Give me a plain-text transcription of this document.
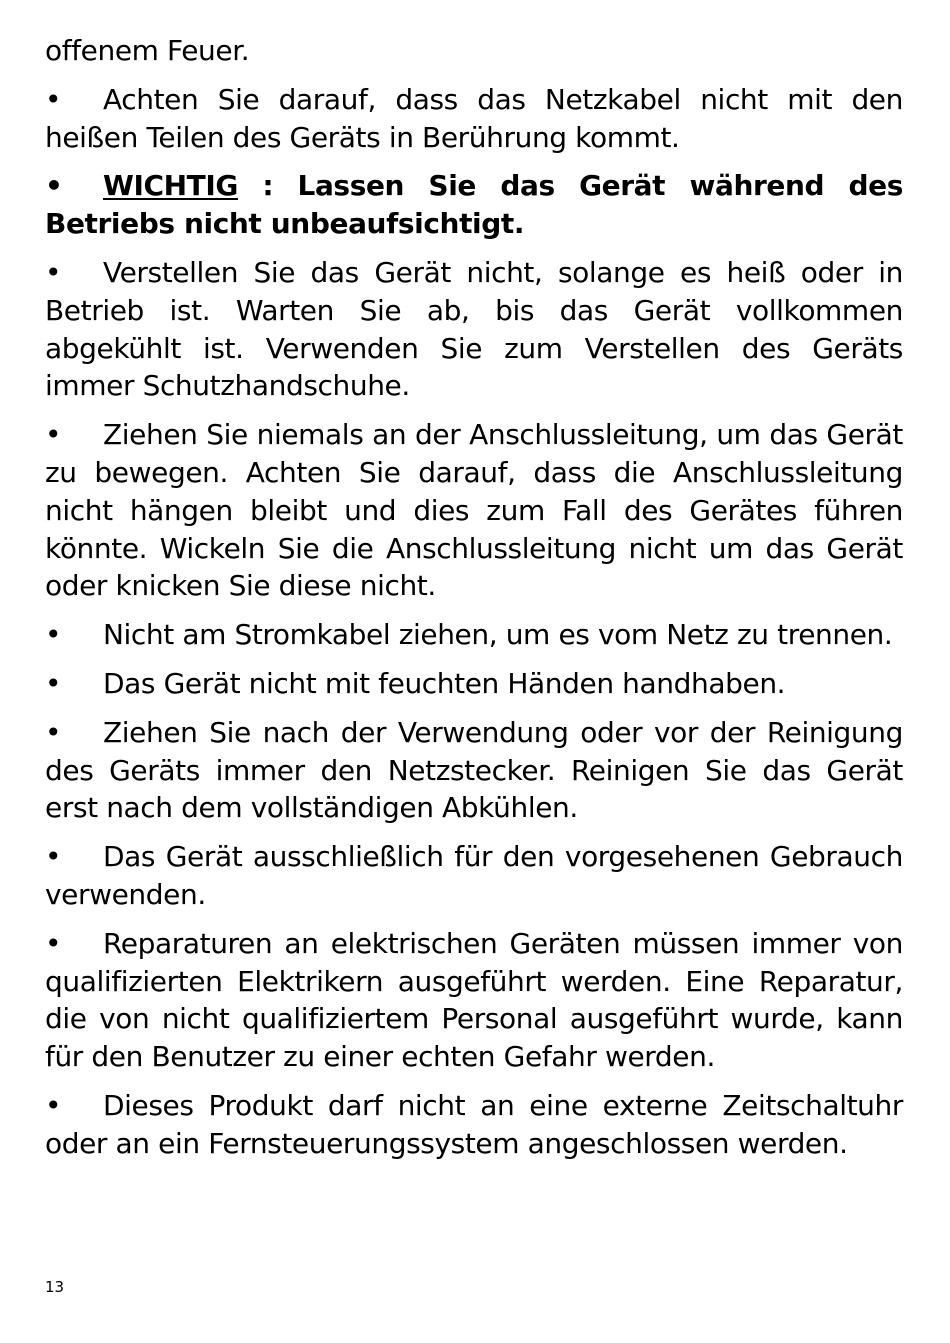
offenem Feuer.

• Achten Sie darauf, dass das Netzkabel nicht mit den heißen Teilen des Geräts in Berührung kommt.

• WICHTIG : Lassen Sie das Gerät während des Betriebs nicht unbeaufsichtigt.

• Verstellen Sie das Gerät nicht, solange es heiß oder in Betrieb ist. Warten Sie ab, bis das Gerät vollkommen abgekühlt ist. Verwenden Sie zum Verstellen des Geräts immer Schutzhandschuhe.

• Ziehen Sie niemals an der Anschlussleitung, um das Gerät zu bewegen. Achten Sie darauf, dass die Anschlussleitung nicht hängen bleibt und dies zum Fall des Gerätes führen könnte. Wickeln Sie die Anschlussleitung nicht um das Gerät oder knicken Sie diese nicht.

• Nicht am Stromkabel ziehen, um es vom Netz zu trennen.

• Das Gerät nicht mit feuchten Händen handhaben.

• Ziehen Sie nach der Verwendung oder vor der Reinigung des Geräts immer den Netzstecker. Reinigen Sie das Gerät erst nach dem vollständigen Abkühlen.

• Das Gerät ausschließlich für den vorgesehenen Gebrauch verwenden.

• Reparaturen an elektrischen Geräten müssen immer von qualifizierten Elektrikern ausgeführt werden. Eine Reparatur, die von nicht qualifiziertem Personal ausgeführt wurde, kann für den Benutzer zu einer echten Gefahr werden.

• Dieses Produkt darf nicht an eine externe Zeitschaltuhr oder an ein Fernsteuerungssystem angeschlossen werden.

13
